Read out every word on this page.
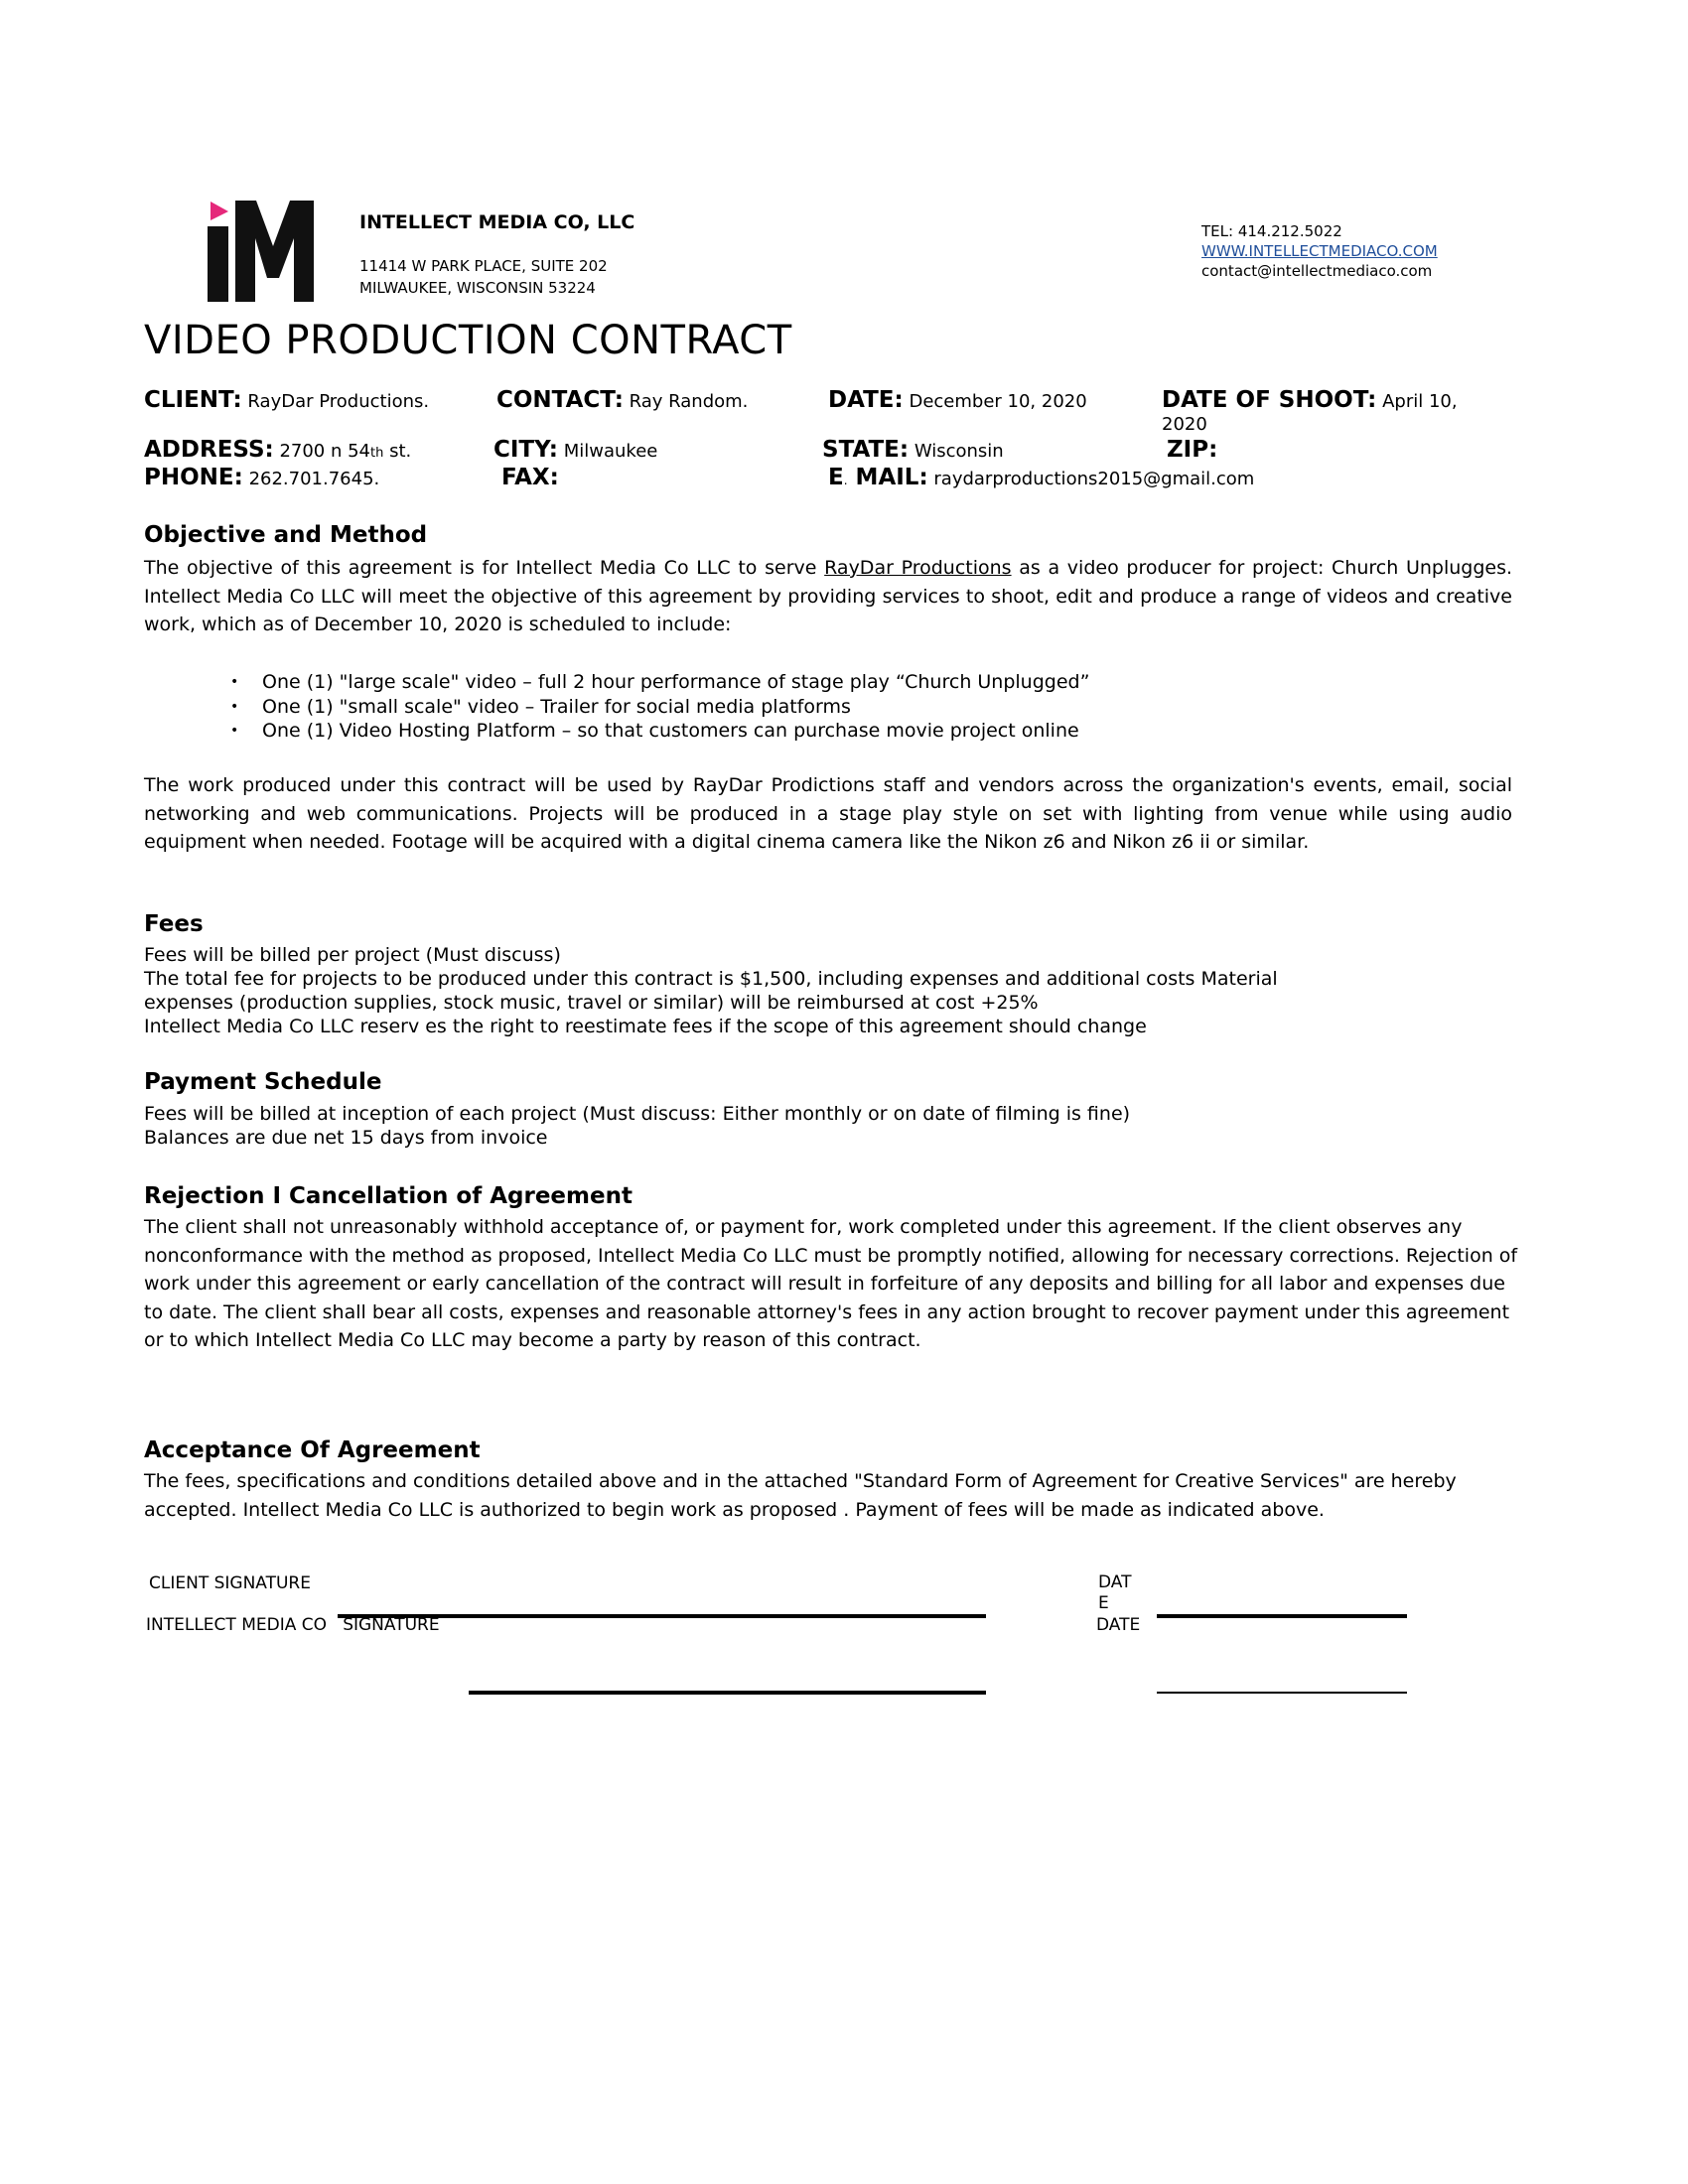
INTELLECT MEDIA CO, LLC
11414 W PARK PLACE, SUITE 202
MILWAUKEE, WISCONSIN 53224
TEL: 414.212.5022
WWW.INTELLECTMEDIACO.COM
contact@intellectmediaco.com
VIDEO PRODUCTION CONTRACT
CLIENT: RayDar Productions.	CONTACT: Ray Random.	DATE: December 10, 2020	DATE OF SHOOT: April 10,
2020
ADDRESS: 2700 n 54th st.	CITY: Milwaukee	STATE: Wisconsin	ZIP:
PHONE: 262.701.7645.	FAX:	E. MAIL: raydarproductions2015@gmail.com
Objective and Method
The objective of this agreement is for Intellect Media Co LLC to serve RayDar Productions as a video producer for project: Church Unplugges. Intellect Media Co LLC will meet the objective of this agreement by providing services to shoot, edit and produce a range of videos and creative work, which as of December 10, 2020 is scheduled to include:
• One (1) "large scale" video – full 2 hour performance of stage play “Church Unplugged”
• One (1) "small scale" video – Trailer for social media platforms
• One (1) Video Hosting Platform – so that customers can purchase movie project online
The work produced under this contract will be used by RayDar Prodictions staff and vendors across the organization's events, email, social networking and web communications. Projects will be produced in a stage play style on set with lighting from venue while using audio equipment when needed. Footage will be acquired with a digital cinema camera like the Nikon z6 and Nikon z6 ii or similar.
Fees
Fees will be billed per project (Must discuss)
The total fee for projects to be produced under this contract is $1,500, including expenses and additional costs Material
expenses (production supplies, stock music, travel or similar) will be reimbursed at cost +25%
Intellect Media Co LLC reserv es the right to reestimate fees if the scope of this agreement should change
Payment Schedule
Fees will be billed at inception of each project (Must discuss: Either monthly or on date of filming is fine)
Balances are due net 15 days from invoice
Rejection I Cancellation of Agreement
The client shall not unreasonably withhold acceptance of, or payment for, work completed under this agreement. If the client observes any nonconformance with the method as proposed, Intellect Media Co LLC must be promptly notified, allowing for necessary corrections. Rejection of work under this agreement or early cancellation of the contract will result in forfeiture of any deposits and billing for all labor and expenses due to date. The client shall bear all costs, expenses and reasonable attorney's fees in any action brought to recover payment under this agreement or to which Intellect Media Co LLC may become a party by reason of this contract.
Acceptance Of Agreement
The fees, specifications and conditions detailed above and in the attached "Standard Form of Agreement for Creative Services" are hereby accepted. Intellect Media Co LLC is authorized to begin work as proposed . Payment of fees will be made as indicated above.
CLIENT SIGNATURE	DAT
E
INTELLECT MEDIA CO   SIGNATURE	DATE
